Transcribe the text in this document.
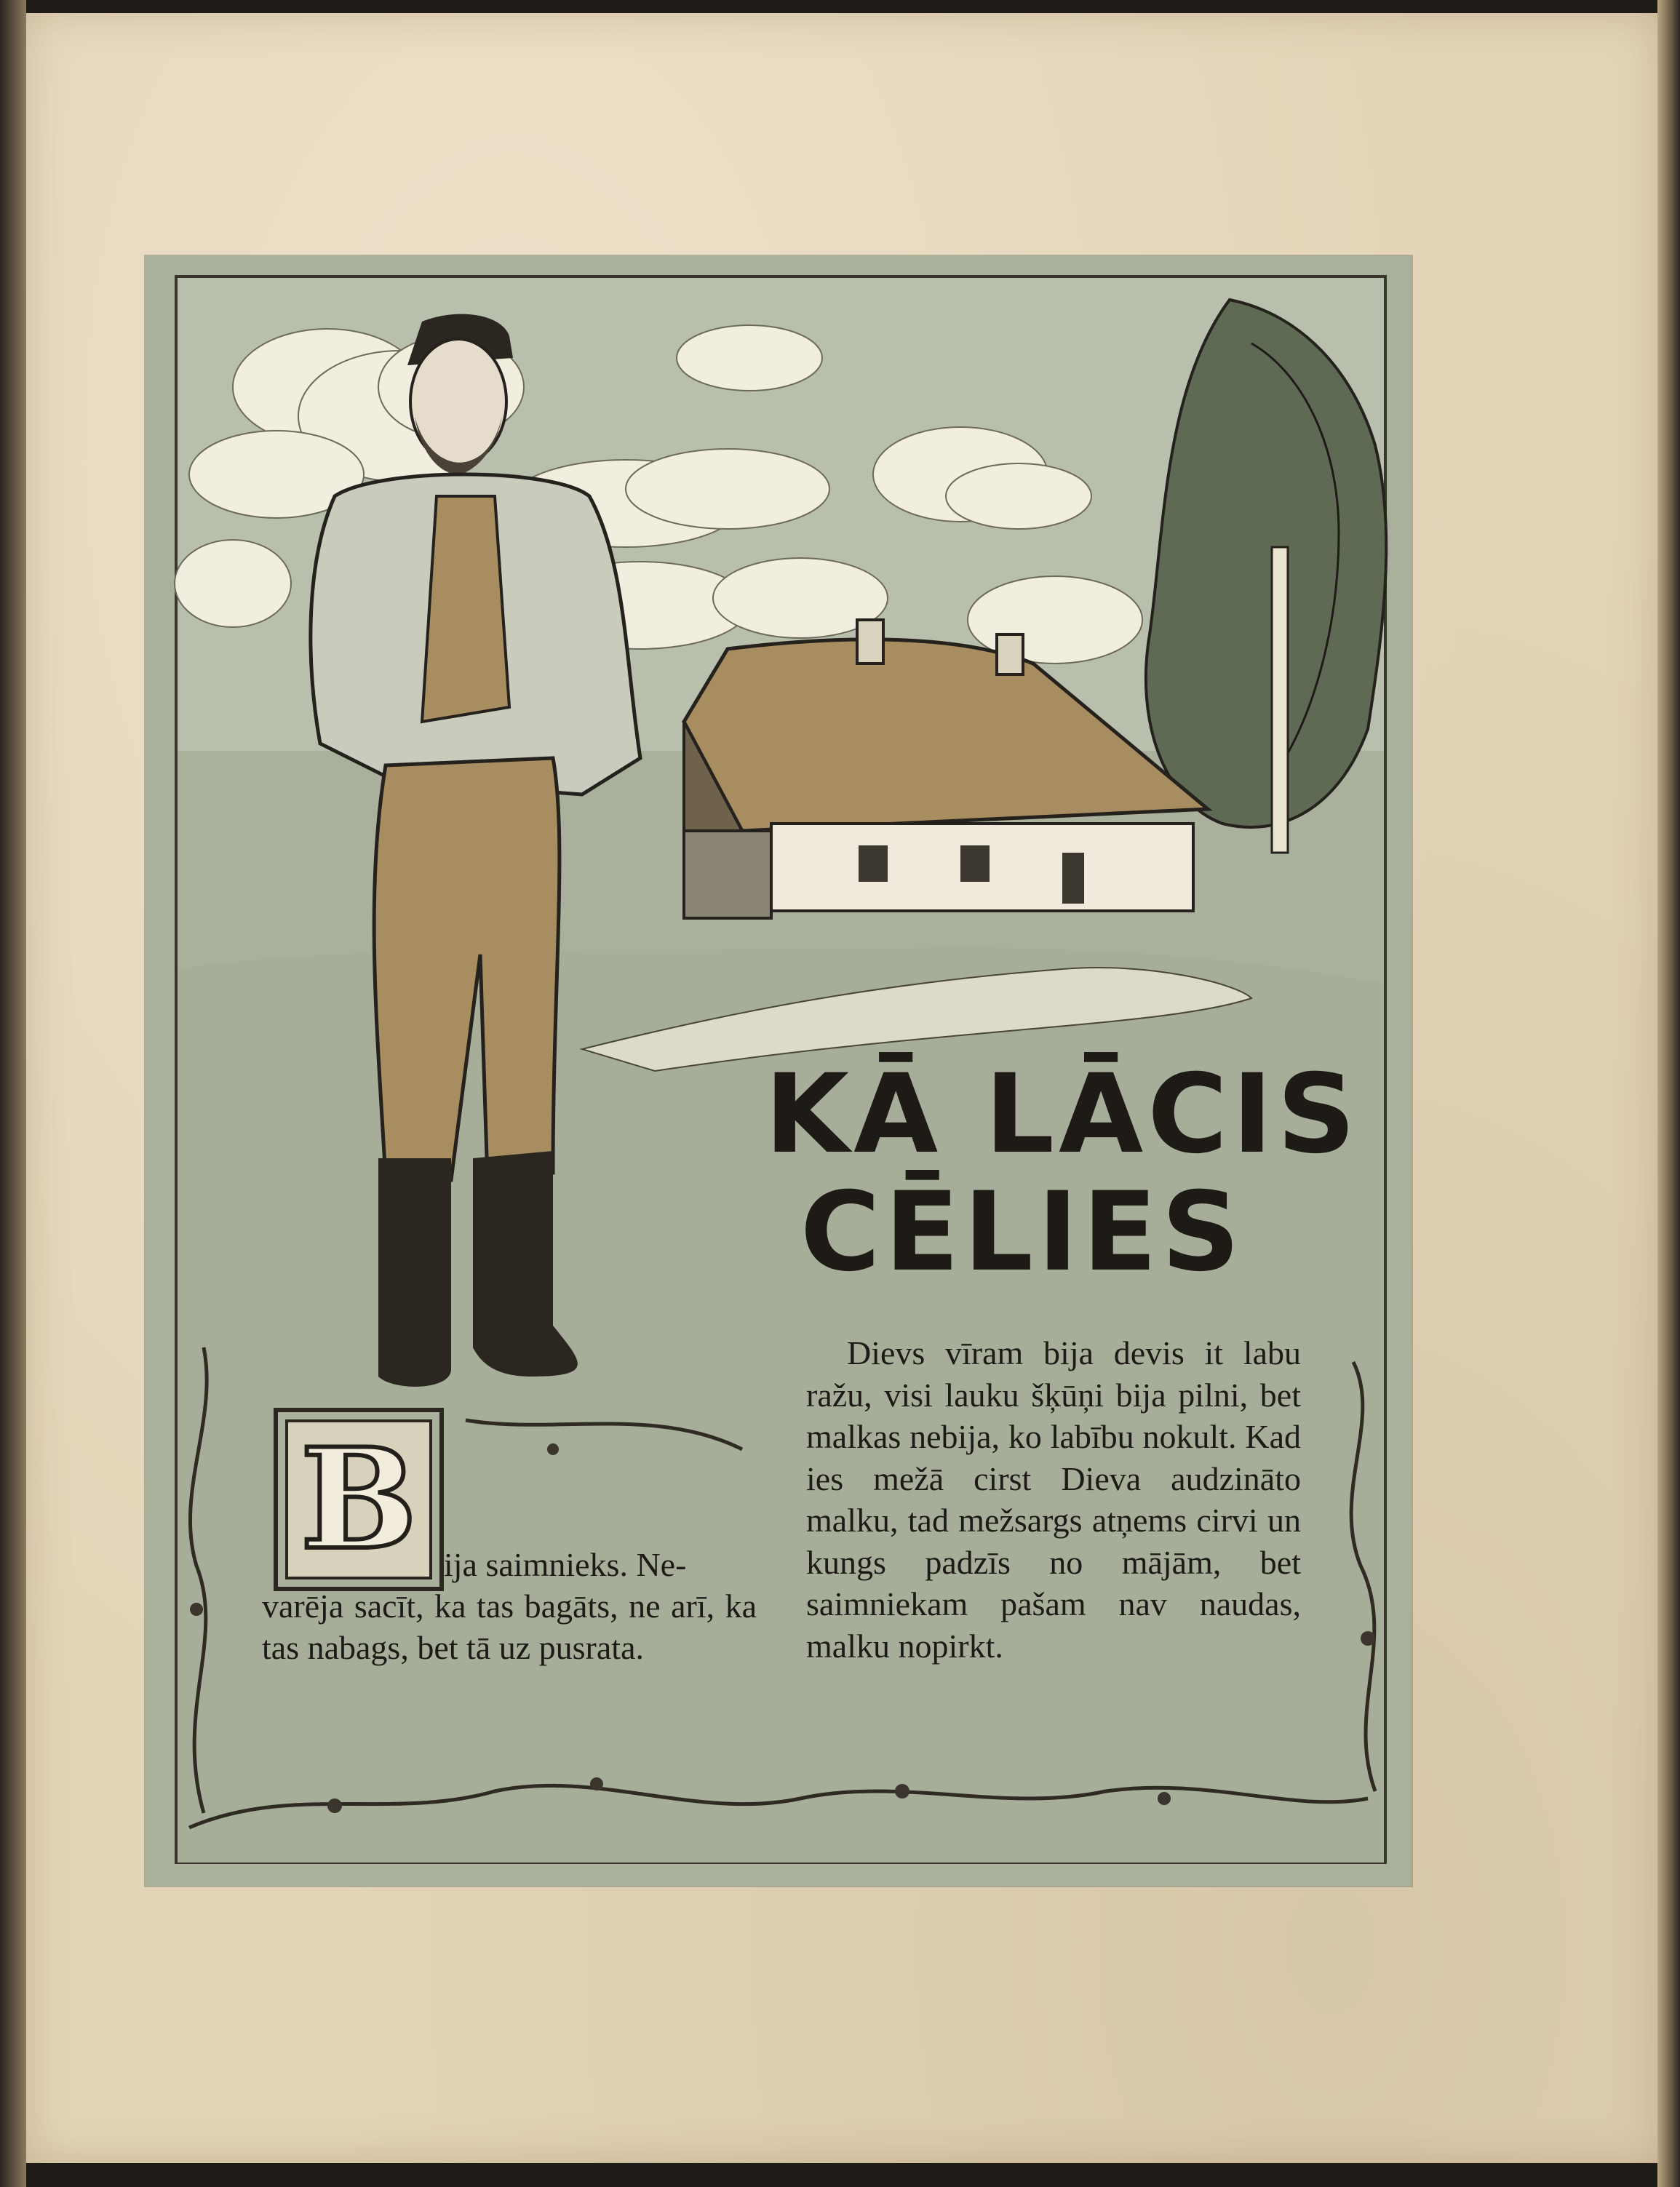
KĀ LĀCIS
CĒLIES
B ija saimnieks. Ne-
varēja sacīt, ka tas bagāts, ne arī, ka tas nabags, bet tā uz pusrata.
Dievs vīram bija devis it labu ražu, visi lauku šķūņi bija pilni, bet malkas nebija, ko labību nokult. Kad ies mežā cirst Dieva audzināto malku, tad mežsargs atņems cirvi un kungs padzīs no mājām, bet saimniekam pašam nav naudas, malku nopirkt.
